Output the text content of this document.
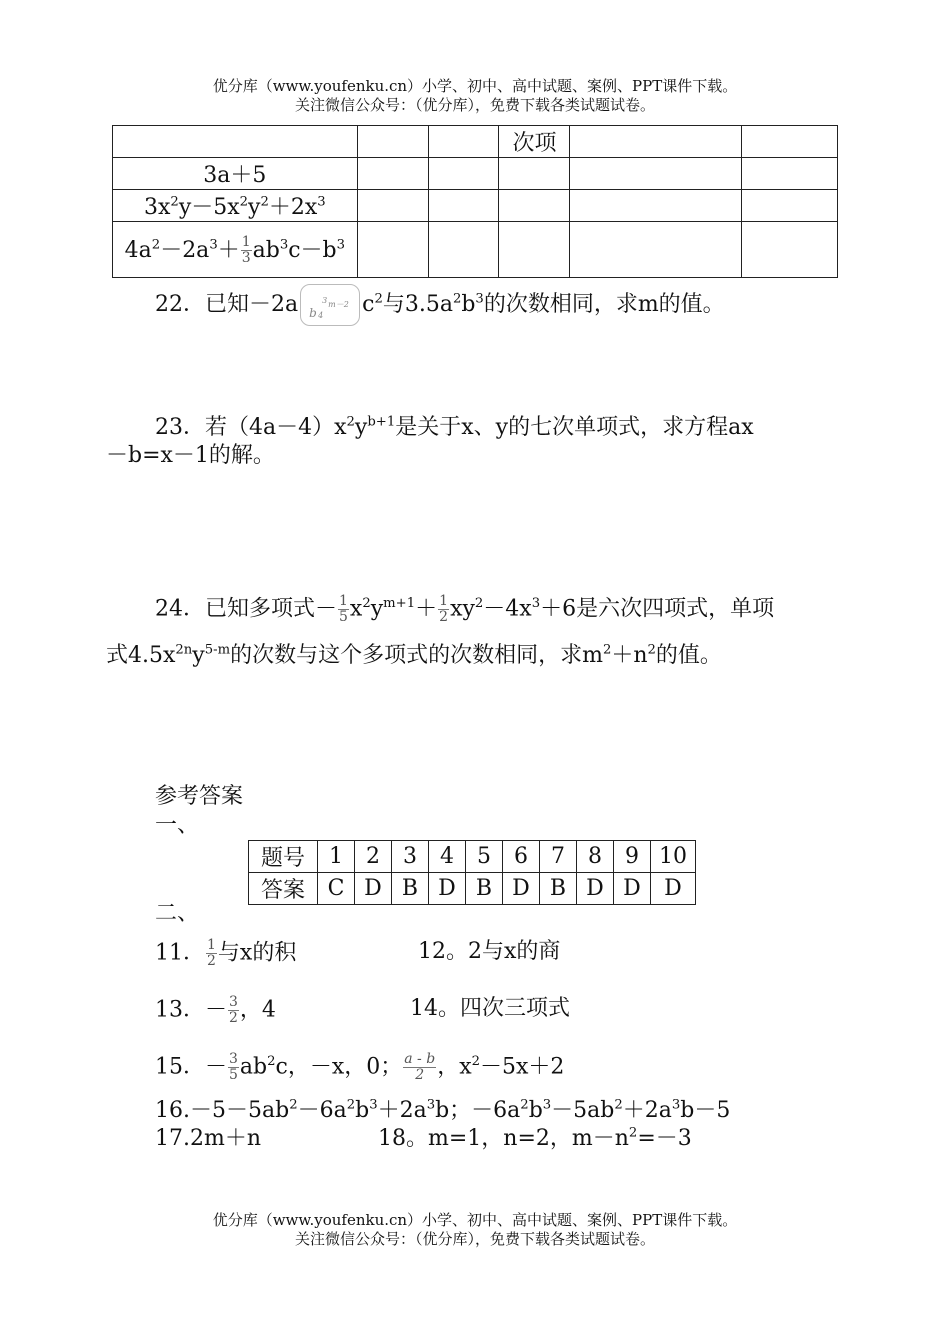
优分库（www.youfenku.cn）小学、初中、高中试题、案例、PPT课件下载。
关注微信公众号：（优分库），免费下载各类试题试卷。
			次项		
3a＋5					
$3x^2y-5x^2y^2+2x^3$					
$4a^2-2a^3+ \frac{1}{3} ab^3c-b^3$					
22．已知－2a b 4
3 m－2 $c^2$与$3.5a^2b^3$的次数相同，求m的值。
23．若$(4a-4)x^2y^{b+1}$是关于x、y的七次单项式，求方程ax
－b=x－1的解。
24．已知多项式－ $\frac{1}{5} x^2y^{m+1}+ \frac{1}{2} xy^2-4x^3+6$是六次四项式，单项
式$4.5x^{2n}y^{5-m}$的次数与这个多项式的次数相同，求$m^2+n^2$的值。
参考答案
一、
题号	1	2	3	4	5	6	7	8	9	10
答案	C	D	B	D	B	D	B	D	D	D
二、
11． $\frac{1}{2}$ 与x的积	12。2与x的商
13．－ $\frac{3}{2}$ ，4	14。四次三项式
15．－ $\frac{3}{5} ab^2c$，－x，0； $\frac{a - b}{2}$ ，$x^2-5x+2$
$16.-5-5ab^2-6a^2b^3+2a^3b$；$-6a^2b^3-5ab^2+2a^3b-5$
17.2m＋n	18。m=1，n=2，$m-n^2=-3$
优分库（www.youfenku.cn）小学、初中、高中试题、案例、PPT课件下载。
关注微信公众号：（优分库），免费下载各类试题试卷。
